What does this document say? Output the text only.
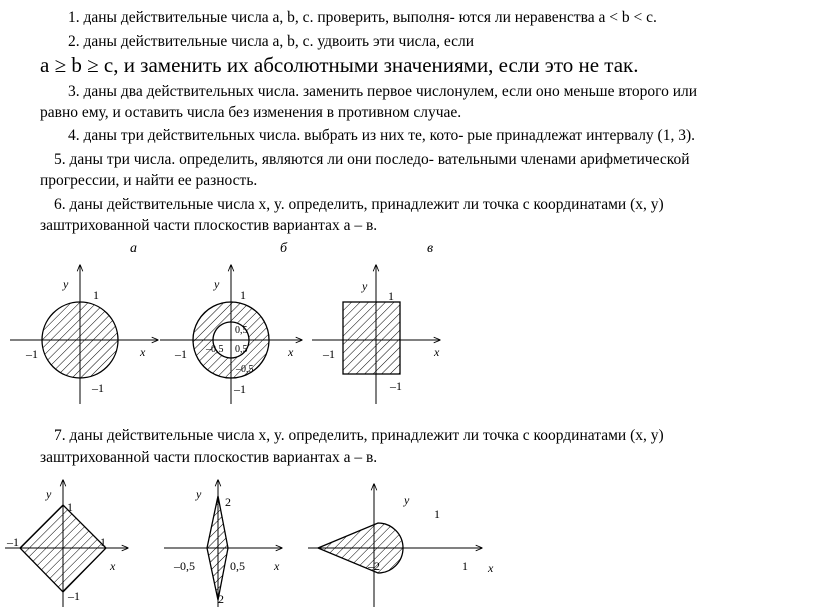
1. даны действительные числа a, b, c. проверить, выполня- ются ли неравенства a < b < c.
2. даны действительные числа a, b, c. удвоить эти числа, если
a ≥ b ≥ c, и заменить их абсолютными значениями, если это не так.
3. даны два действительных числа. заменить первое числонулем, если оно меньше второго или
равно ему, и оставить числа без изменения в противном случае.
4. даны три действительных числа. выбрать из них те, кото- рые принадлежат интервалу (1, 3).
5. даны три числа. определить, являются ли они последо- вательными членами арифметической
прогрессии, и найти ее разность.
6. даны действительные числа x, y. определить, принадлежит ли точка с координатами (x, y)
заштрихованной части плоскостив вариантах а – в.
а	б	в
7. даны действительные числа x, y. определить, принадлежит ли точка с координатами (x, y)
заштрихованной части плоскостив вариантах а – в.
y
x
1
–1
–1
y
x
1
–1
–1
0,5
0,5
–0,5
–0,5
y
x
1
–1
–1
y
x
1
1
–1
–1
y
x
2
2
–0,5	0,5
y
x
1
1
–2
